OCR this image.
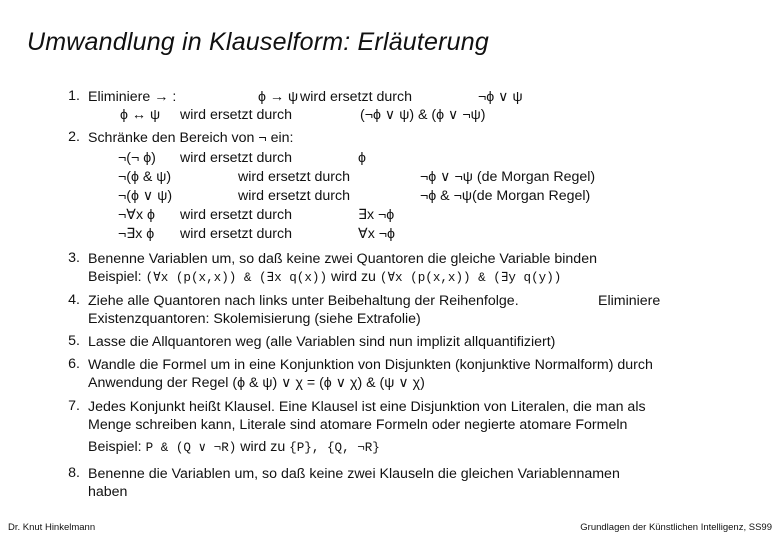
Umwandlung in Klauselform: Erläuterung
1. Eliminiere → :	ϕ → ψ wird ersetzt durch	¬ϕ ∨ ψ
ϕ ↔ ψ wird ersetzt durch	(¬ϕ ∨ ψ) & (ϕ ∨ ¬ψ)
2. Schränke den Bereich von ¬ ein:
¬(¬ ϕ) wird ersetzt durch	ϕ
¬(ϕ & ψ)	wird ersetzt durch	¬ϕ ∨ ¬ψ (de Morgan Regel)
¬(ϕ ∨ ψ)	wird ersetzt durch	¬ϕ & ¬ψ(de Morgan Regel)
¬∀x ϕ wird ersetzt durch	∃x ¬ϕ
¬∃x ϕ wird ersetzt durch	∀x ¬ϕ
3. Benenne Variablen um, so daß keine zwei Quantoren die gleiche Variable binden
Beispiel: (∀x (p(x,x)) & (∃x q(x)) wird zu (∀x (p(x,x)) & (∃y q(y))
4. Ziehe alle Quantoren nach links unter Beibehaltung der Reihenfolge.	Eliminiere
Existenzquantoren: Skolemisierung (siehe Extrafolie)
5. Lasse die Allquantoren weg (alle Variablen sind nun implizit allquantifiziert)
6. Wandle die Formel um in eine Konjunktion von Disjunkten (konjunktive Normalform) durch
Anwendung der Regel (ϕ & ψ) ∨ χ = (ϕ ∨ χ) & (ψ ∨ χ)
7. Jedes Konjunkt heißt Klausel. Eine Klausel ist eine Disjunktion von Literalen, die man als
Menge schreiben kann, Literale sind atomare Formeln oder negierte atomare Formeln
Beispiel: P & (Q ∨ ¬R) wird zu {P}, {Q, ¬R}
8. Benenne die Variablen um, so daß keine zwei Klauseln die gleichen Variablennamen
haben
Dr. Knut Hinkelmann	Grundlagen der Künstlichen Intelligenz, SS99
